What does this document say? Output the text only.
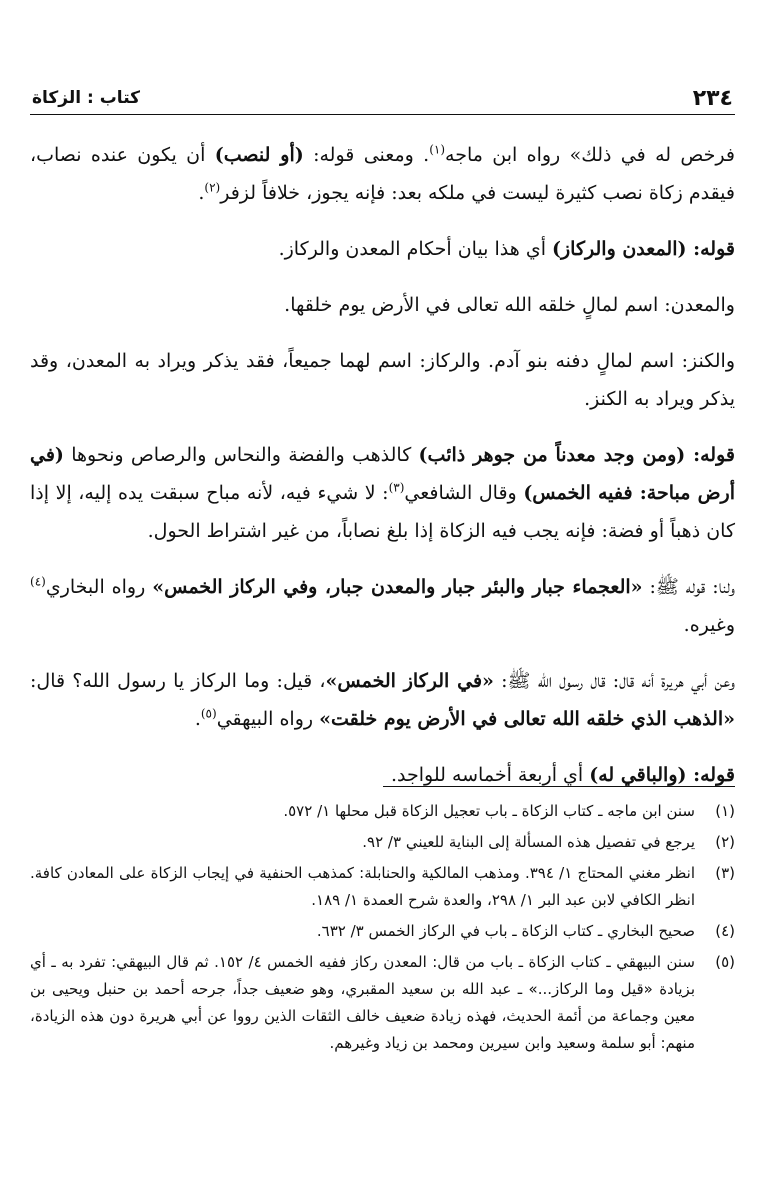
٢٣٤
كتاب : الزكاة

فرخص له في ذلك» رواه ابن ماجه$^{(١)}$. ومعنى قوله: (أو لنصب) أن يكون عنده نصاب، فيقدم زكاة نصب كثيرة ليست في ملكه بعد: فإنه يجوز، خلافاً لزفر$^{(٢)}$.

قوله: (المعدن والركاز) أي هذا بيان أحكام المعدن والركاز.

والمعدن: اسم لمالٍ خلقه الله تعالى في الأرض يوم خلقها.

والكنز: اسم لمالٍ دفنه بنو آدم. والركاز: اسم لهما جميعاً، فقد يذكر ويراد به المعدن، وقد يذكر ويراد به الكنز.

قوله: (ومن وجد معدناً من جوهر ذائب) كالذهب والفضة والنحاس والرصاص ونحوها (في أرض مباحة: ففيه الخمس) وقال الشافعي$^{(٣)}$: لا شيء فيه، لأنه مباح سبقت يده إليه، إلا إذا كان ذهباً أو فضة: فإنه يجب فيه الزكاة إذا بلغ نصاباً، من غير اشتراط الحول.

ولنا: قوله ﷺ: «العجماء جبار والبئر جبار والمعدن جبار، وفي الركاز الخمس» رواه البخاري$^{(٤)}$ وغيره.

وعن أبي هريرة أنه قال: قال رسول الله ﷺ: «في الركاز الخمس»، قيل: وما الركاز يا رسول الله؟ قال: «الذهب الذي خلقه الله تعالى في الأرض يوم خلقت» رواه البيهقي$^{(٥)}$.

قوله: (والباقي له) أي أربعة أخماسه للواجد.

(١)
سنن ابن ماجه ـ كتاب الزكاة ـ باب تعجيل الزكاة قبل محلها ١/ ٥٧٢.
(٢)
يرجع في تفصيل هذه المسألة إلى البناية للعيني ٣/ ٩٢.
(٣)
انظر مغني المحتاج ١/ ٣٩٤. ومذهب المالكية والحنابلة: كمذهب الحنفية في إيجاب الزكاة على المعادن كافة. انظر الكافي لابن عبد البر ١/ ٢٩٨، والعدة شرح العمدة ١/ ١٨٩.
(٤)
صحيح البخاري ـ كتاب الزكاة ـ باب في الركاز الخمس ٣/ ٦٣٢.
(٥)
سنن البيهقي ـ كتاب الزكاة ـ باب من قال: المعدن ركاز ففيه الخمس ٤/ ١٥٢. ثم قال البيهقي: تفرد به ـ أي بزيادة «قيل وما الركاز...» ـ عبد الله بن سعيد المقبري، وهو ضعيف جداً، جرحه أحمد بن حنبل ويحيى بن معين وجماعة من أئمة الحديث، فهذه زيادة ضعيف خالف الثقات الذين رووا عن أبي هريرة دون هذه الزيادة، منهم: أبو سلمة وسعيد وابن سيرين ومحمد بن زياد وغيرهم.
